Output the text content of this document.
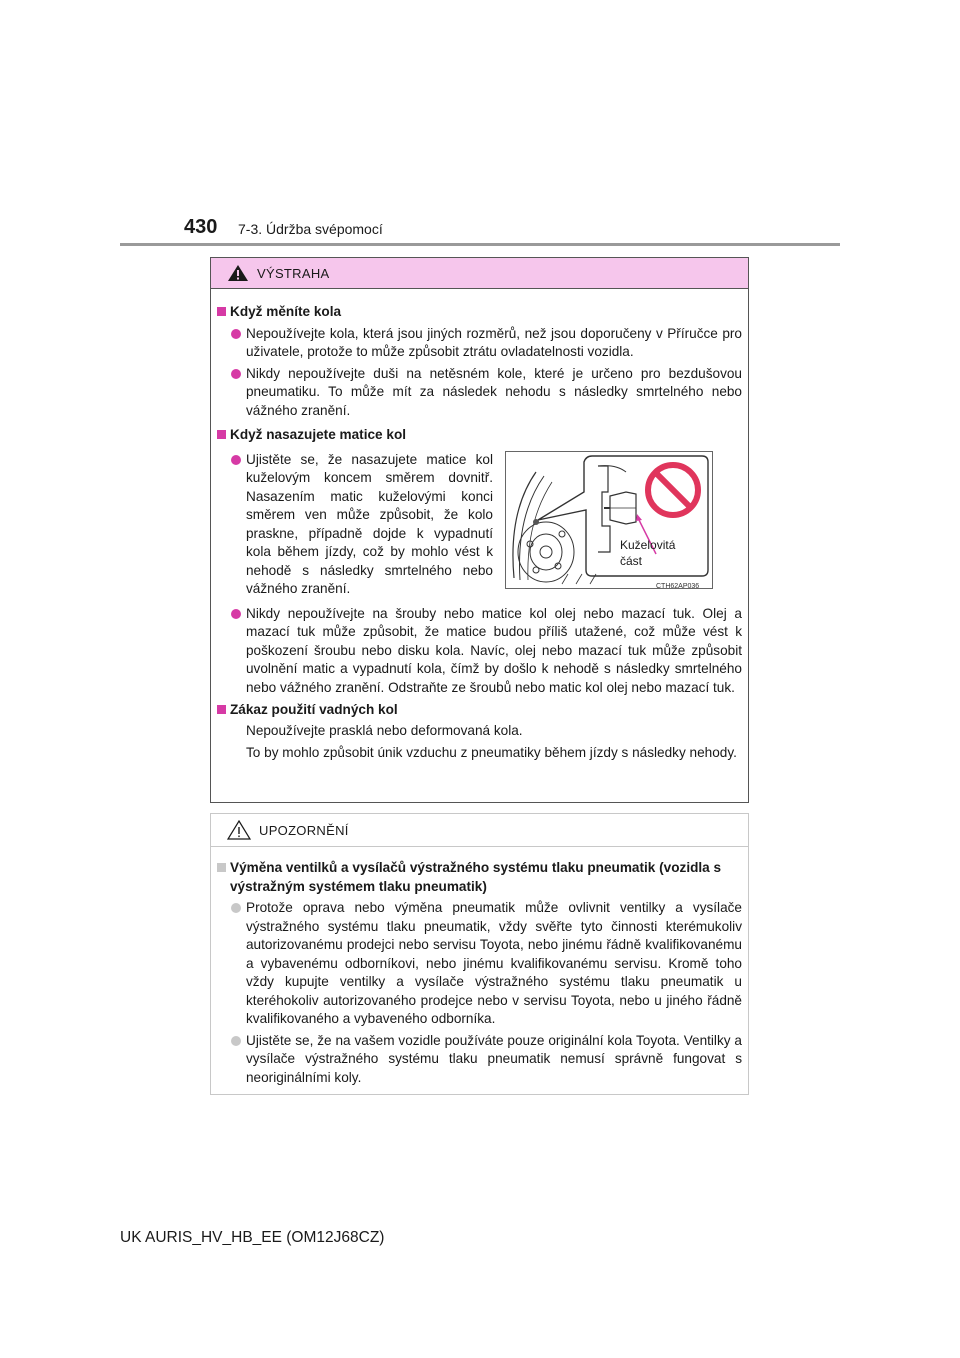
430 7-3. Údržba svépomocí
VÝSTRAHA
Když měníte kola
Nepoužívejte kola, která jsou jiných rozměrů, než jsou doporučeny v Příručce pro uživatele, protože to může způsobit ztrátu ovladatelnosti vozidla.
Nikdy nepoužívejte duši na netěsném kole, které je určeno pro bezdušovou pneumatiku. To může mít za následek nehodu s následky smrtelného nebo vážného zranění.
Když nasazujete matice kol
Ujistěte se, že nasazujete matice kol kuželovým koncem směrem dovnitř. Nasazením matic kuželovými konci směrem ven může způsobit, že kolo praskne, případně dojde k vypadnutí kola během jízdy, což by mohlo vést k nehodě s následky smrtelného nebo vážného zranění.
Kuželovitá
část
CTH62AP036
Nikdy nepoužívejte na šrouby nebo matice kol olej nebo mazací tuk. Olej a mazací tuk může způsobit, že matice budou příliš utažené, což může vést k poškození šroubu nebo disku kola. Navíc, olej nebo mazací tuk může způsobit uvolnění matic a vypadnutí kola, čímž by došlo k nehodě s následky smrtelného nebo vážného zranění. Odstraňte ze šroubů nebo matic kol olej nebo mazací tuk.
Zákaz použití vadných kol
Nepoužívejte prasklá nebo deformovaná kola.
To by mohlo způsobit únik vzduchu z pneumatiky během jízdy s následky nehody.
UPOZORNĚNÍ
Výměna ventilků a vysílačů výstražného systému tlaku pneumatik (vozidla s výstražným systémem tlaku pneumatik)
Protože oprava nebo výměna pneumatik může ovlivnit ventilky a vysílače výstražného systému tlaku pneumatik, vždy svěřte tyto činnosti kterémukoliv autorizovanému prodejci nebo servisu Toyota, nebo jinému řádně kvalifikovanému a vybavenému odborníkovi, nebo jinému kvalifikovanému servisu. Kromě toho vždy kupujte ventilky a vysílače výstražného systému tlaku pneumatik u kteréhokoliv autorizovaného prodejce nebo v servisu Toyota, nebo u jiného řádně kvalifikovaného a vybaveného odborníka.
Ujistěte se, že na vašem vozidle používáte pouze originální kola Toyota. Ventilky a vysílače výstražného systému tlaku pneumatik nemusí správně fungovat s neoriginálními koly.
UK AURIS_HV_HB_EE (OM12J68CZ)
